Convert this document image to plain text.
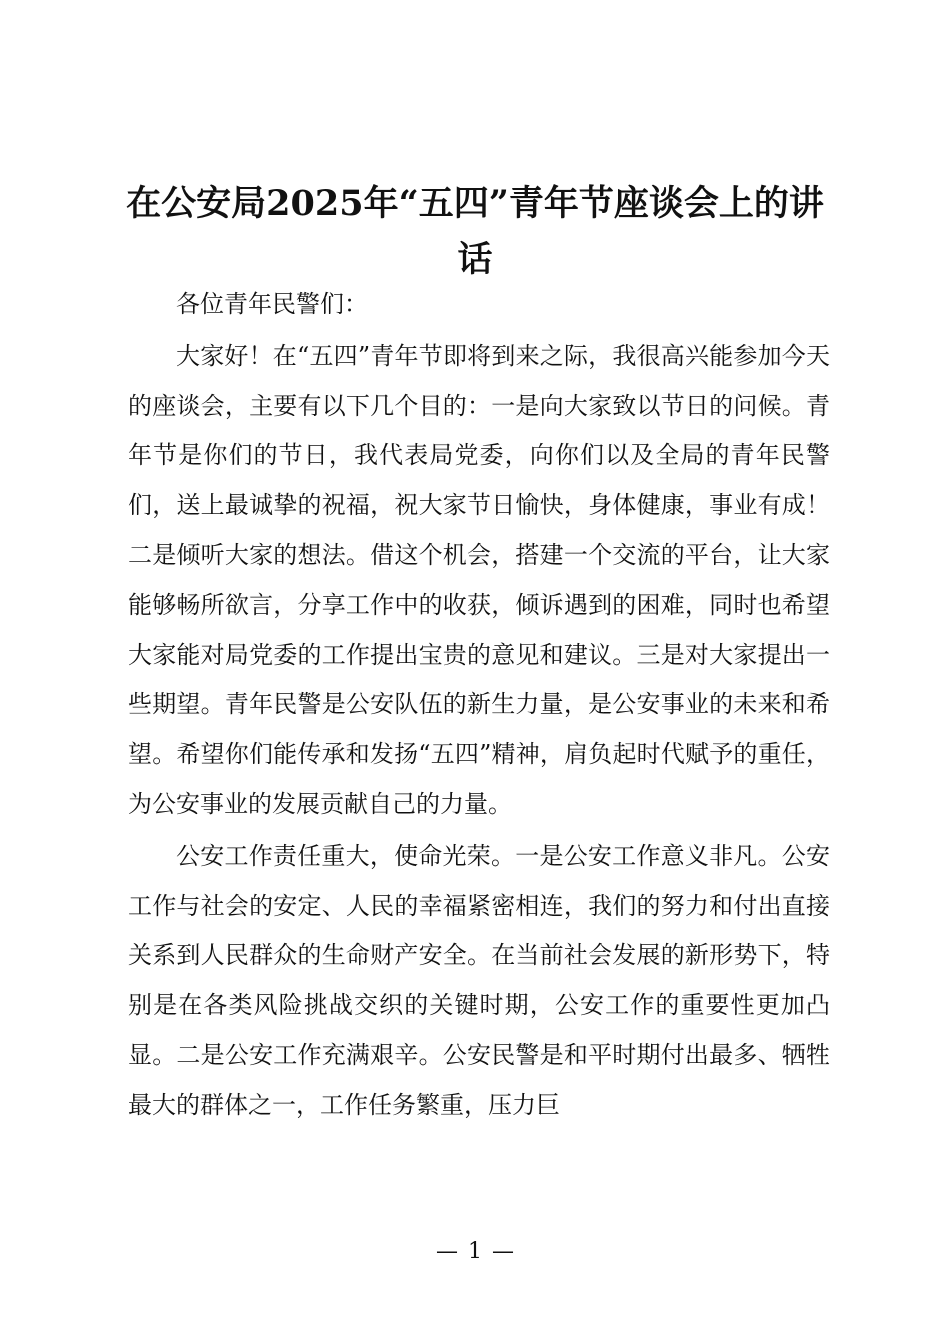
在公安局2025年“五四”青年节座谈会上的讲话

各位青年民警们：

大家好！在“五四”青年节即将到来之际，我很高兴能参加今天的座谈会，主要有以下几个目的：一是向大家致以节日的问候。青年节是你们的节日，我代表局党委，向你们以及全局的青年民警们，送上最诚挚的祝福，祝大家节日愉快，身体健康，事业有成！二是倾听大家的想法。借这个机会，搭建一个交流的平台，让大家能够畅所欲言，分享工作中的收获，倾诉遇到的困难，同时也希望大家能对局党委的工作提出宝贵的意见和建议。三是对大家提出一些期望。青年民警是公安队伍的新生力量，是公安事业的未来和希望。希望你们能传承和发扬“五四”精神，肩负起时代赋予的重任，为公安事业的发展贡献自己的力量。

公安工作责任重大，使命光荣。一是公安工作意义非凡。公安工作与社会的安定、人民的幸福紧密相连，我们的努力和付出直接关系到人民群众的生命财产安全。在当前社会发展的新形势下，特别是在各类风险挑战交织的关键时期，公安工作的重要性更加凸显。二是公安工作充满艰辛。公安民警是和平时期付出最多、牺牲最大的群体之一，工作任务繁重，压力巨

— 1 —
